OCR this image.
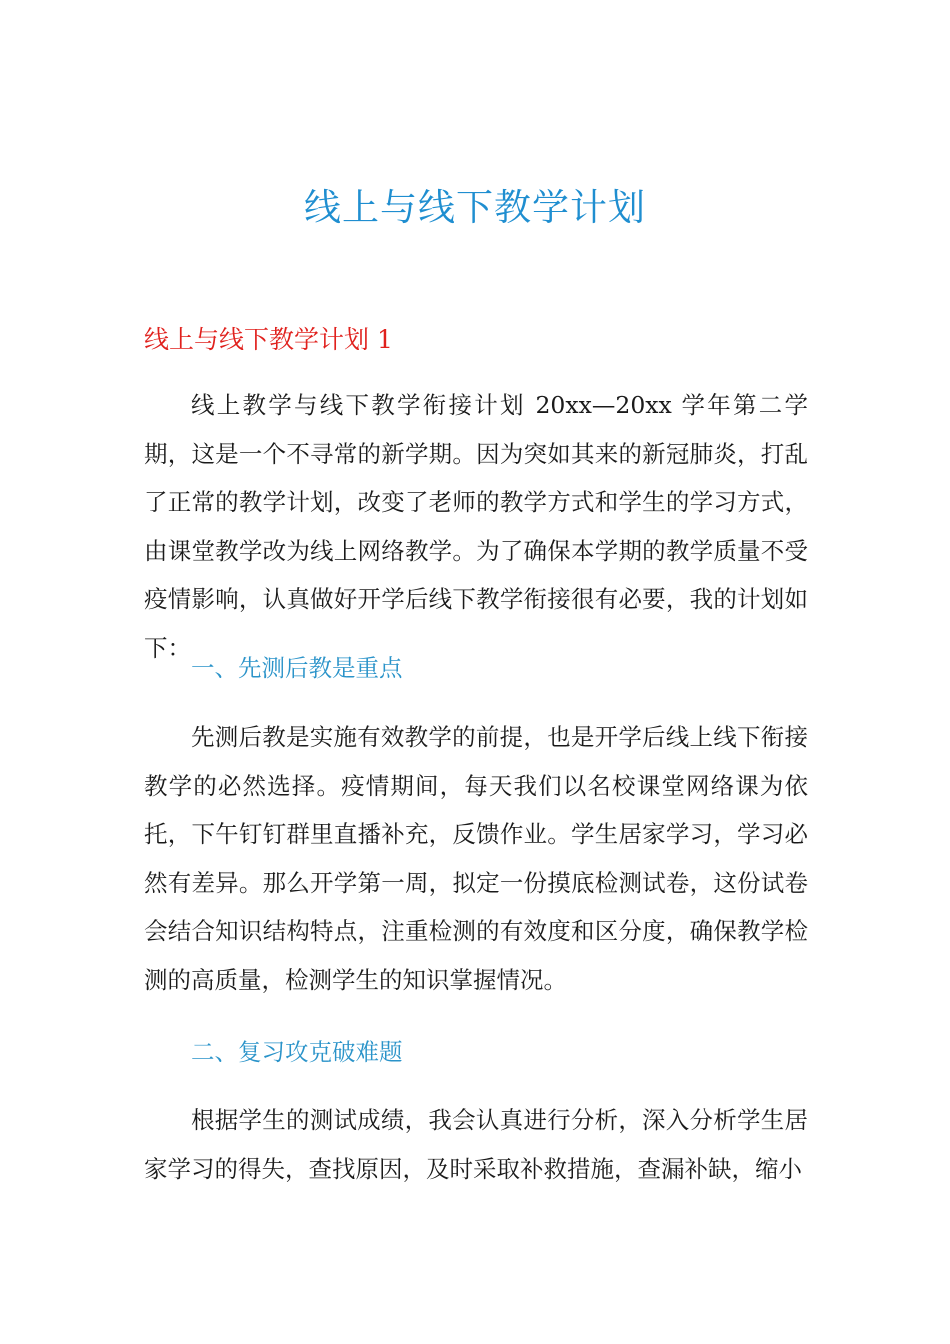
线上与线下教学计划
线上与线下教学计划 1

线上教学与线下教学衔接计划 20xx—20xx 学年第二学期，这是一个不寻常的新学期。因为突如其来的新冠肺炎，打乱了正常的教学计划，改变了老师的教学方式和学生的学习方式，由课堂教学改为线上网络教学。为了确保本学期的教学质量不受疫情影响，认真做好开学后线下教学衔接很有必要，我的计划如下：

一、先测后教是重点

先测后教是实施有效教学的前提，也是开学后线上线下衔接教学的必然选择。疫情期间，每天我们以名校课堂网络课为依托，下午钉钉群里直播补充，反馈作业。学生居家学习，学习必然有差异。那么开学第一周，拟定一份摸底检测试卷，这份试卷会结合知识结构特点，注重检测的有效度和区分度，确保教学检测的高质量，检测学生的知识掌握情况。

二、复习攻克破难题

根据学生的测试成绩，我会认真进行分析，深入分析学生居家学习的得失，查找原因，及时采取补救措施，查漏补缺，缩小
